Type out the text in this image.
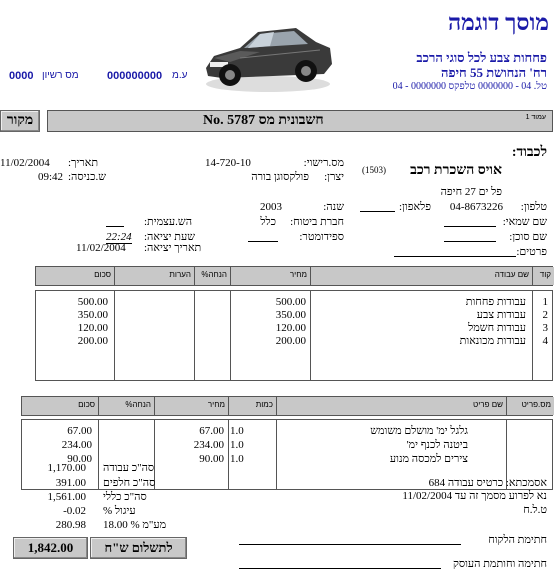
מוסך דוגמה
פחחות צבע לכל סוגי הרכב
רח' הנחושת 55 חיפה
טל. 04 - 0000000 טלפקס 0000000 - 04
0000 מס רשיון	000000000 ע.מ
עמוד 1
חשבונית מס No. 5787
מקור
לכבוד:
אויס השכרת רכב
(1503)
פל ים 27 חיפה
טלפון:
04-8673226
פלאפון:
שם שמאי:
שם סוכן:
פרטים:
מס.רישוי:
14-720-10
יצרן:
פולקסוגן בורה
שנה:
2003
חברת ביטוח:
כלל
ספידומטר:
תאריך:
11/02/2004
ש.כניסה:
09:42
הש.עצמית:
שעת יציאה:
22:24
תאריך יציאה:
11/02/2004
קוד
שם עבודה
מחיר
הנחה%
הערות
סכום
1
עבודות פחחות
500.00
500.00
2
עבודות צבע
350.00
350.00
3
עבודות חשמל
120.00
120.00
4
עבודות מכונאות
200.00
200.00
מס.פריט
שם פריט
כמות
מחיר
הנחה%
סכום
גלגל ימ' מושלם משומש
1.0
67.00
67.00
ביטנה לכנף ימ'
1.0
234.00
234.00
צירים למכסה מנוע
1.0
90.00
90.00
1,170.00 סה"כ עבודה
391.00 סה"כ חלפים
1,561.00 סה"כ כללי
-0.02 עיגול %
280.98 מע"מ % 18.00
1,842.00	לתשלום ש"ח
אסמכתא: כרטיס עבודה 684
נא לפרוע מסמך זה עד 11/02/2004
ט.ל.ח
חתימת הלקוח
חתימה וחותמת העוסק
